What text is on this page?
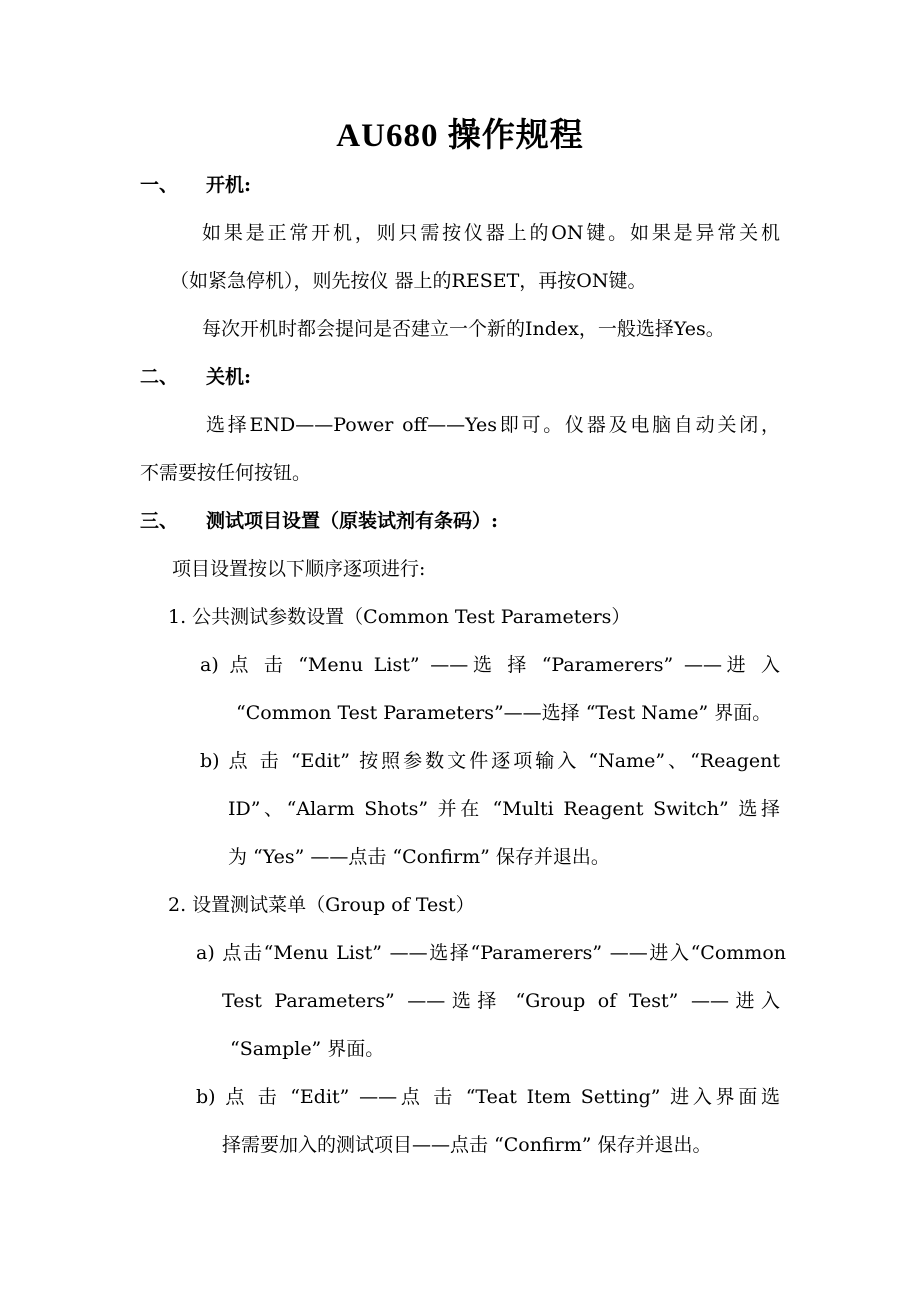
AU680 操作规程
一、 开机:
如果是正常开机，则只需按仪器上的ON键。如果是异常关机
（如紧急停机），则先按仪 器上的RESET，再按ON键。
每次开机时都会提问是否建立一个新的Index，一般选择Yes。
二、 关机:
选择END——Power off——Yes即可。仪器及电脑自动关闭，
不需要按任何按钮。
三、 测试项目设置（原装试剂有条码）:
项目设置按以下顺序逐项进行:
1. 公共测试参数设置（Common Test Parameters）
a) 点 击 “Menu List” ——选 择 “Paramerers” ——进 入
“Common Test Parameters”——选择 “Test Name” 界面。
b) 点 击 “Edit” 按照参数文件逐项输入 “Name”、“Reagent
ID”、“Alarm Shots” 并在 “Multi Reagent Switch” 选择
为 “Yes” ——点击 “Confirm” 保存并退出。
2. 设置测试菜单（Group of Test）
a) 点击“Menu List” ——选择“Paramerers” ——进入“Common
Test Parameters” ——选择 “Group of Test” ——进入
“Sample” 界面。
b) 点 击 “Edit” ——点 击 “Teat Item Setting” 进入界面选
择需要加入的测试项目——点击 “Confirm” 保存并退出。
